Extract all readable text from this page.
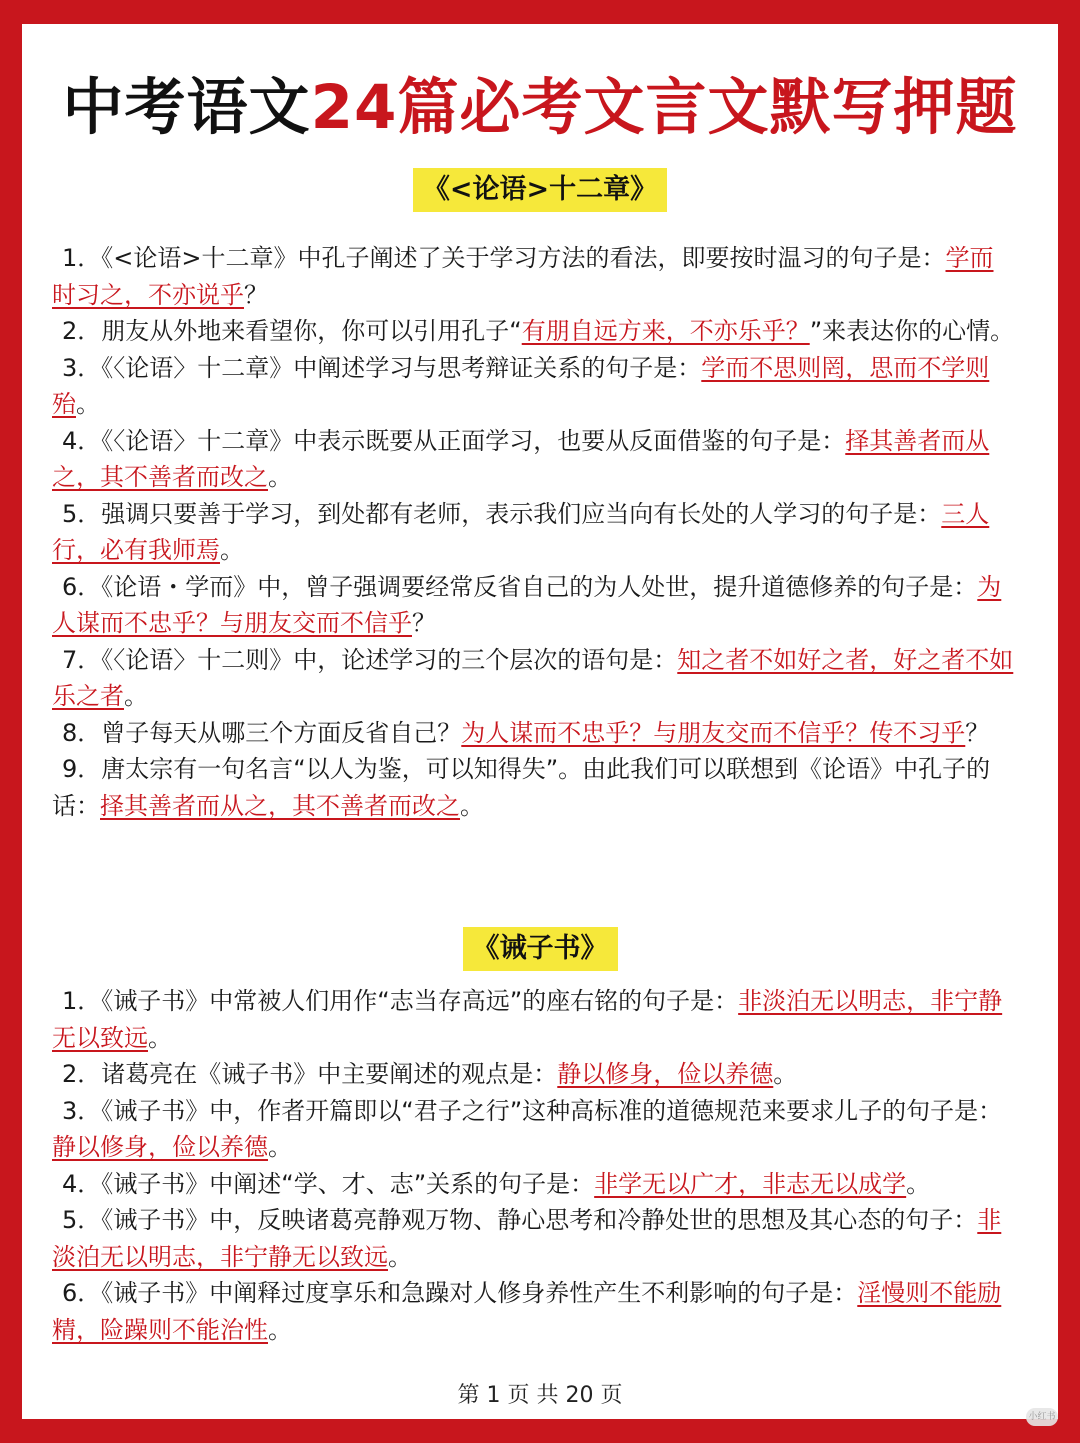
中考语文24篇必考文言文默写押题
《<论语>十二章》

1．《<论语>十二章》中孔子阐述了关于学习方法的看法，即要按时温习的句子是：学而时习之，不亦说乎？

2．朋友从外地来看望你，你可以引用孔子“有朋自远方来，不亦乐乎？”来表达你的心情。

3．《〈论语〉十二章》中阐述学习与思考辩证关系的句子是：学而不思则罔，思而不学则殆。

4．《〈论语〉十二章》中表示既要从正面学习，也要从反面借鉴的句子是：择其善者而从之，其不善者而改之。

5．强调只要善于学习，到处都有老师，表示我们应当向有长处的人学习的句子是：三人行，必有我师焉。

6．《论语・学而》中，曾子强调要经常反省自己的为人处世，提升道德修养的句子是：为人谋而不忠乎？与朋友交而不信乎？

7．《〈论语〉十二则》中，论述学习的三个层次的语句是：知之者不如好之者，好之者不如乐之者。

8．曾子每天从哪三个方面反省自己？为人谋而不忠乎？与朋友交而不信乎？传不习乎？

9．唐太宗有一句名言“以人为鉴，可以知得失”。由此我们可以联想到《论语》中孔子的话：择其善者而从之，其不善者而改之。

《诫子书》

1．《诫子书》中常被人们用作“志当存高远”的座右铭的句子是：非淡泊无以明志，非宁静无以致远。

2．诸葛亮在《诫子书》中主要阐述的观点是：静以修身，俭以养德。

3．《诫子书》中，作者开篇即以“君子之行”这种高标准的道德规范来要求儿子的句子是：静以修身，俭以养德。

4．《诫子书》中阐述“学、才、志”关系的句子是：非学无以广才，非志无以成学。

5．《诫子书》中，反映诸葛亮静观万物、静心思考和冷静处世的思想及其心态的句子：非淡泊无以明志，非宁静无以致远。

6．《诫子书》中阐释过度享乐和急躁对人修身养性产生不利影响的句子是：淫慢则不能励精，险躁则不能治性。

第 1 页 共 20 页
小红书
